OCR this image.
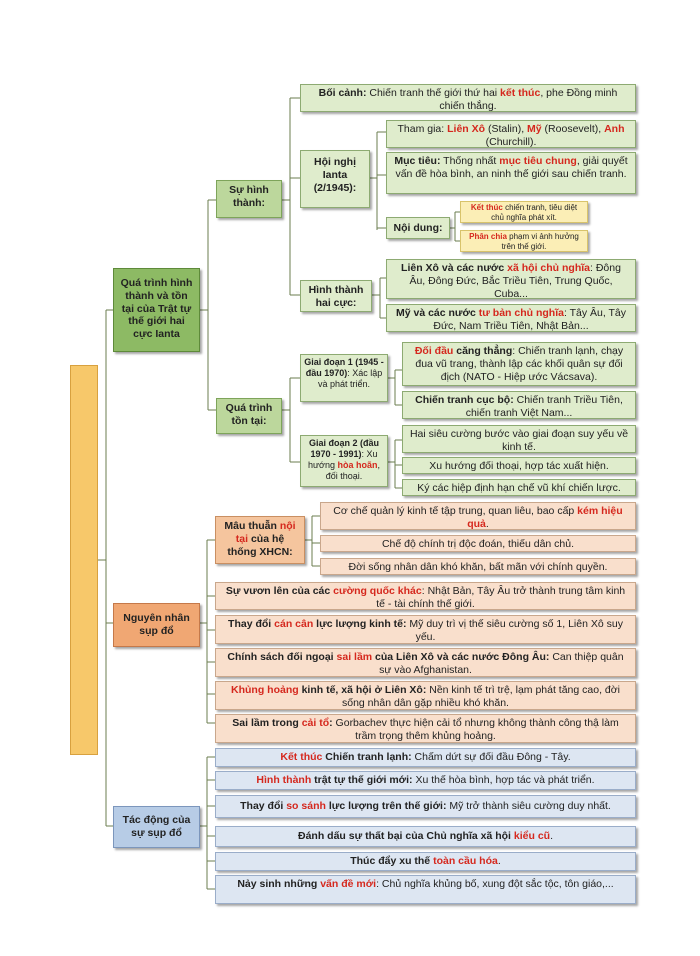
Quá trình hình thành và tồn tại của Trật tự thế giới hai cực Ianta
Nguyên nhân sụp đổ
Tác động của sự sụp đổ
Sự hình thành:
Bối cảnh: Chiến tranh thế giới thứ hai kết thúc, phe Đồng minh chiến thắng.
Hội nghị Ianta (2/1945):
Tham gia: Liên Xô (Stalin), Mỹ (Roosevelt), Anh (Churchill).
Mục tiêu: Thống nhất mục tiêu chung, giải quyết vấn đề hòa bình, an ninh thế giới sau chiến tranh.
Nội dung:
Kết thúc chiến tranh, tiêu diệt chủ nghĩa phát xít.
Phân chia phạm vi ảnh hưởng trên thế giới.
Hình thành hai cực:
Liên Xô và các nước xã hội chủ nghĩa: Đông Âu, Đông Đức, Bắc Triều Tiên, Trung Quốc, Cuba...
Mỹ và các nước tư bản chủ nghĩa: Tây Âu, Tây Đức, Nam Triều Tiên, Nhật Bản...
Quá trình tồn tại:
Giai đoạn 1 (1945 - đầu 1970): Xác lập và phát triển.
Đối đầu căng thẳng: Chiến tranh lạnh, chạy đua vũ trang, thành lập các khối quân sự đối địch (NATO - Hiệp ước Vácsava).
Chiến tranh cục bộ: Chiến tranh Triều Tiên, chiến tranh Việt Nam...
Giai đoạn 2 (đầu 1970 - 1991): Xu hướng hòa hoãn, đối thoại.
Hai siêu cường bước vào giai đoạn suy yếu về kinh tế.
Xu hướng đối thoại, hợp tác xuất hiện.
Ký các hiệp định hạn chế vũ khí chiến lược.
Mâu thuẫn nội tại của hệ thống XHCN:
Cơ chế quản lý kinh tế tập trung, quan liêu, bao cấp kém hiệu quả.
Chế độ chính trị độc đoán, thiếu dân chủ.
Đời sống nhân dân khó khăn, bất mãn với chính quyền.
Sự vươn lên của các cường quốc khác: Nhật Bản, Tây Âu trở thành trung tâm kinh tế - tài chính thế giới.
Thay đổi cán cân lực lượng kinh tế: Mỹ duy trì vị thế siêu cường số 1, Liên Xô suy yếu.
Chính sách đối ngoại sai lầm của Liên Xô và các nước Đông Âu: Can thiệp quân sự vào Afghanistan.
Khủng hoảng kinh tế, xã hội ở Liên Xô: Nền kinh tế trì trệ, lạm phát tăng cao, đời sống nhân dân gặp nhiều khó khăn.
Sai lầm trong cải tổ: Gorbachev thực hiện cải tổ nhưng không thành công thậ làm trầm trọng thêm khủng hoảng.
Kết thúc Chiến tranh lạnh: Chấm dứt sự đối đầu Đông - Tây.
Hình thành trật tự thế giới mới: Xu thế hòa bình, hợp tác và phát triển.
Thay đổi so sánh lực lượng trên thế giới: Mỹ trở thành siêu cường duy nhất.
Đánh dấu sự thất bại của Chủ nghĩa xã hội kiểu cũ.
Thúc đẩy xu thế toàn cầu hóa.
Nảy sinh những vấn đề mới: Chủ nghĩa khủng bố, xung đột sắc tộc, tôn giáo,...
